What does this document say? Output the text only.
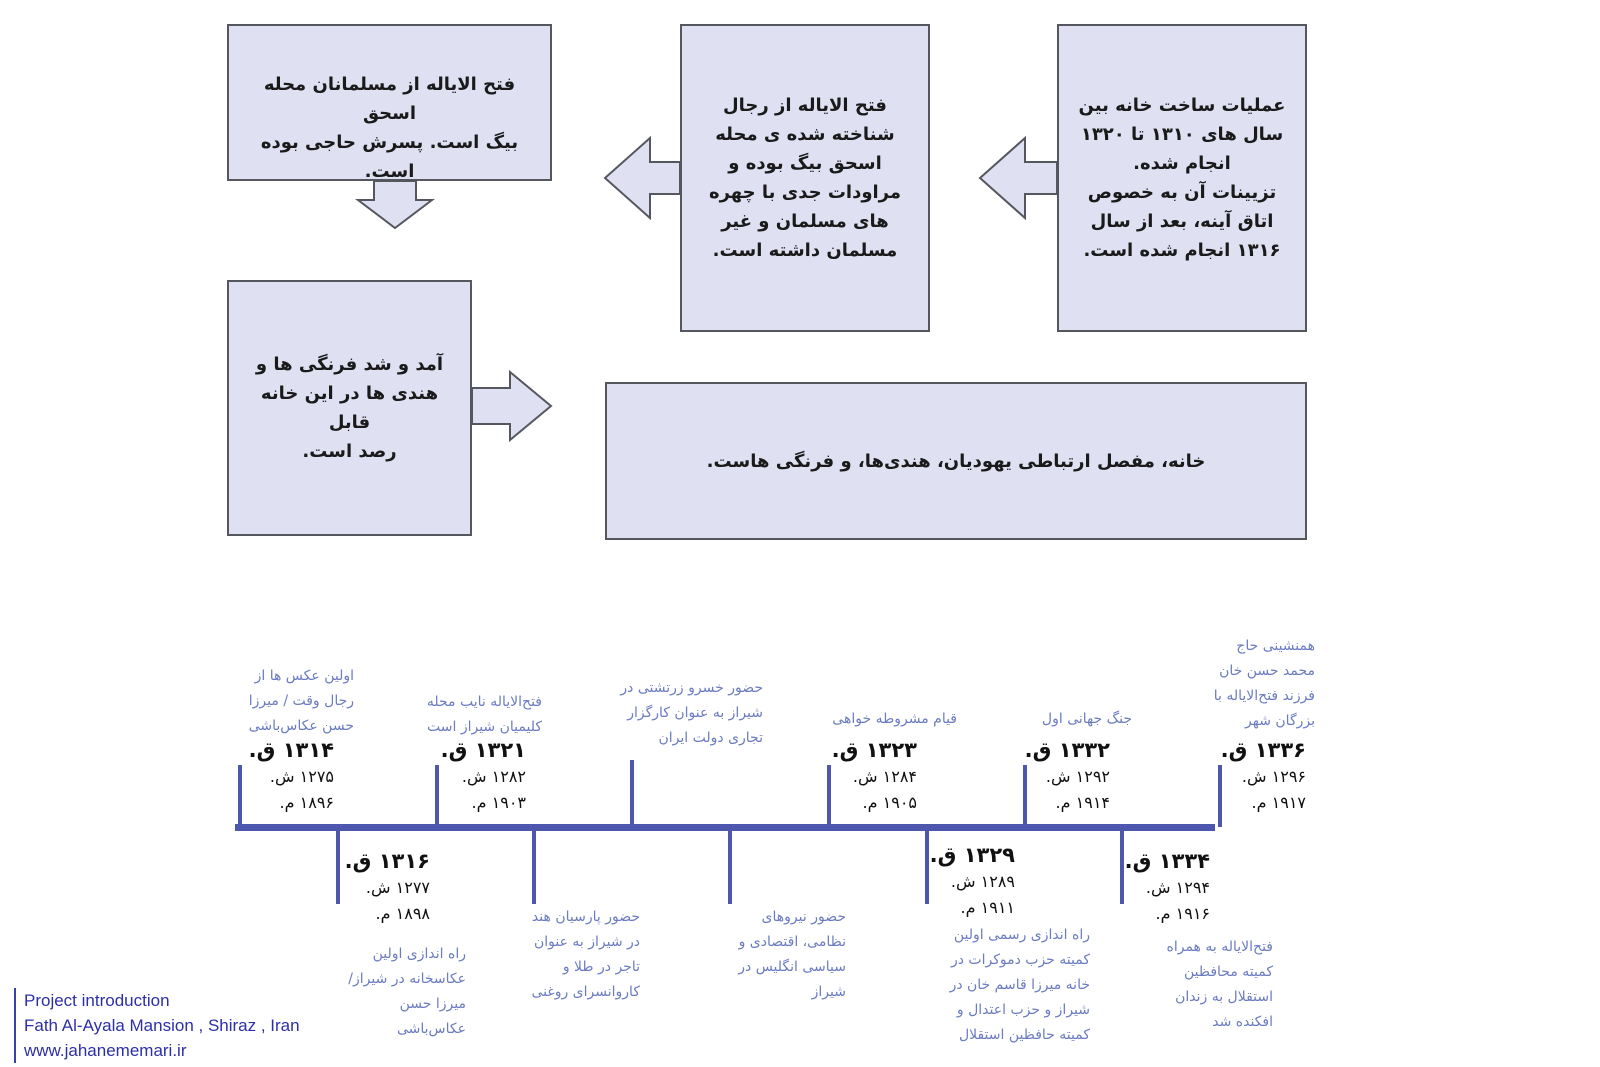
عملیات ساخت خانه بین
سال های ۱۳۱۰ تا ۱۳۲۰
انجام شده.
تزیینات آن به خصوص
اتاق آینه، بعد از سال
۱۳۱۶ انجام شده است.
فتح الایاله از رجال
شناخته شده ی محله
اسحق بیگ بوده و
مراودات جدی با چهره
های مسلمان و غیر
مسلمان داشته است.
فتح الایاله از مسلمانان محله اسحق
بیگ است. پسرش حاجی بوده است.
آمد و شد فرنگی ها و
هندی ها در این خانه قابل
رصد است.	خانه، مفصل ارتباطی یهودیان، هندی‌ها، و فرنگی هاست.
اولین عکس ها از
رجال وقت / میرزا
حسن عکاس‌باشی
۱۳۱۴ ق.
۱۲۷۵ ش.
۱۸۹۶ م.
فتح‌الایاله نایب محله
کلیمیان شیراز است
۱۳۲۱ ق.
۱۲۸۲ ش.
۱۹۰۳ م.
حضور خسرو زرتشتی در
شیراز به عنوان کارگزار
تجاری دولت ایران
قیام مشروطه خواهی
۱۳۲۳ ق.
۱۲۸۴ ش.
۱۹۰۵ م.
جنگ جهانی اول
۱۳۳۲ ق.
۱۲۹۲ ش.
۱۹۱۴ م.
همنشینی حاج
محمد حسن خان
فرزند فتح‌الایاله با
بزرگان شهر
۱۳۳۶ ق.
۱۲۹۶ ش.
۱۹۱۷ م.
۱۳۱۶ ق.
۱۲۷۷ ش.
۱۸۹۸ م.
راه اندازی اولین
عکاسخانه در شیراز/
میرزا حسن
عکاس‌باشی
حضور پارسیان هند
در شیراز به عنوان
تاجر در طلا و
کاروانسرای روغنی
حضور نیروهای
نظامی، اقتصادی و
سیاسی انگلیس در
شیراز
۱۳۲۹ ق.
۱۲۸۹ ش.
۱۹۱۱ م.
راه اندازی رسمی اولین
کمیته حزب دموکرات در
خانه میرزا قاسم خان در
شیراز و حزب اعتدال و
کمیته حافظین استقلال
۱۳۳۴ ق.
۱۲۹۴ ش.
۱۹۱۶ م.
فتح‌الایاله به همراه
کمیته محافظین
استقلال به زندان
افکنده شد
Project introduction
Fath Al-Ayala Mansion , Shiraz , Iran
www.jahanememari.ir
